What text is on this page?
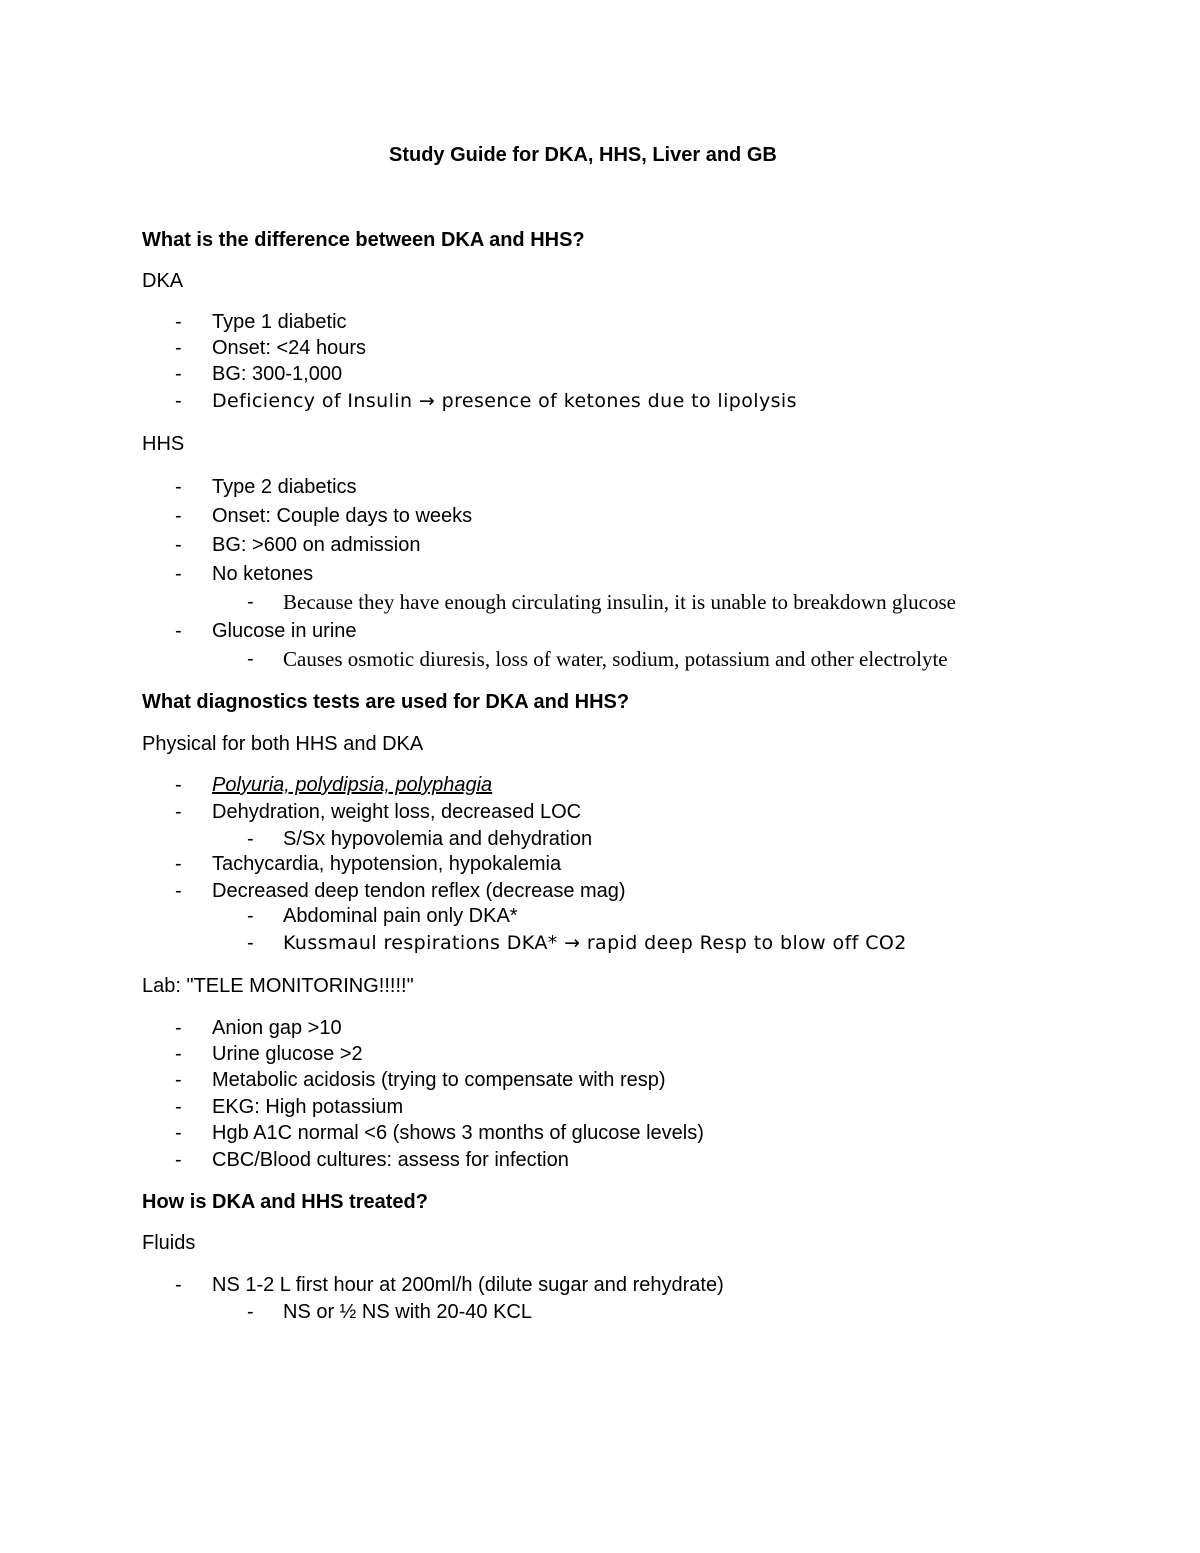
Study Guide for DKA, HHS, Liver and GB
What is the difference between DKA and HHS?
DKA
- Type 1 diabetic
- Onset: <24 hours
- BG: 300-1,000
- Deficiency of Insulin → presence of ketones due to lipolysis
HHS
- Type 2 diabetics
- Onset: Couple days to weeks
- BG: >600 on admission
- No ketones
- Because they have enough circulating insulin, it is unable to breakdown glucose
- Glucose in urine
- Causes osmotic diuresis, loss of water, sodium, potassium and other electrolyte
What diagnostics tests are used for DKA and HHS?
Physical for both HHS and DKA
- Polyuria, polydipsia, polyphagia
- Dehydration, weight loss, decreased LOC
- S/Sx hypovolemia and dehydration
- Tachycardia, hypotension, hypokalemia
- Decreased deep tendon reflex (decrease mag)
- Abdominal pain only DKA*
- Kussmaul respirations DKA* → rapid deep Resp to blow off CO2
Lab: "TELE MONITORING!!!!!"
- Anion gap >10
- Urine glucose >2
- Metabolic acidosis (trying to compensate with resp)
- EKG: High potassium
- Hgb A1C normal <6 (shows 3 months of glucose levels)
- CBC/Blood cultures: assess for infection
How is DKA and HHS treated?
Fluids
- NS 1-2 L first hour at 200ml/h (dilute sugar and rehydrate)
- NS or ½ NS with 20-40 KCL
